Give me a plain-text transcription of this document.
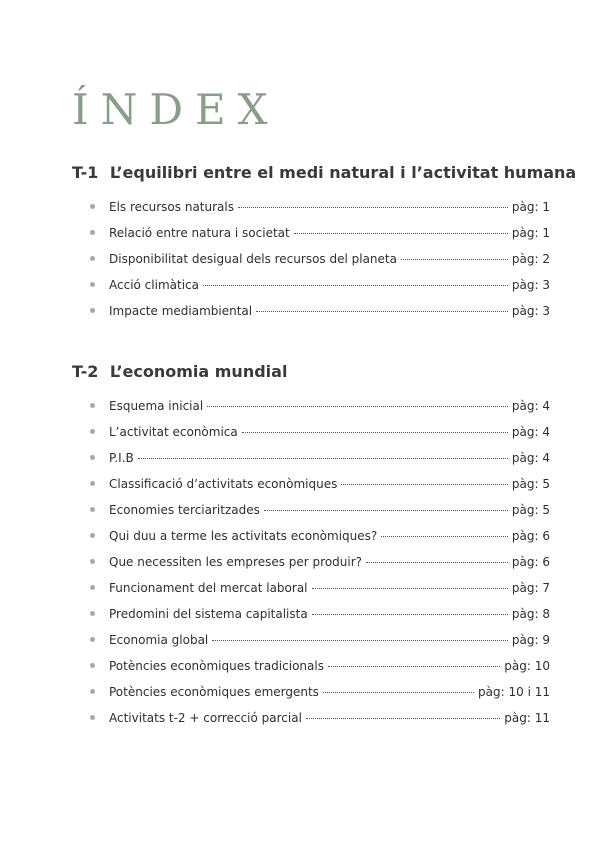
ÍNDEX
T-1 L’equilibri entre el medi natural i l’activitat humana
Els recursos naturals	pàg: 1
Relació entre natura i societat	pàg: 1
Disponibilitat desigual dels recursos del planeta	pàg: 2
Acció climàtica	pàg: 3
Impacte mediambiental	pàg: 3
T-2 L’economia mundial
Esquema inicial	pàg: 4
L’activitat econòmica	pàg: 4
P.I.B	pàg: 4
Classificació d’activitats econòmiques	pàg: 5
Economies terciaritzades	pàg: 5
Qui duu a terme les activitats econòmiques?	pàg: 6
Que necessiten les empreses per produir?	pàg: 6
Funcionament del mercat laboral	pàg: 7
Predomini del sistema capitalista	pàg: 8
Economia global	pàg: 9
Potències econòmiques tradicionals	pàg: 10
Potències econòmiques emergents	pàg: 10 i 11
Activitats t-2 + correcció parcial	pàg: 11
